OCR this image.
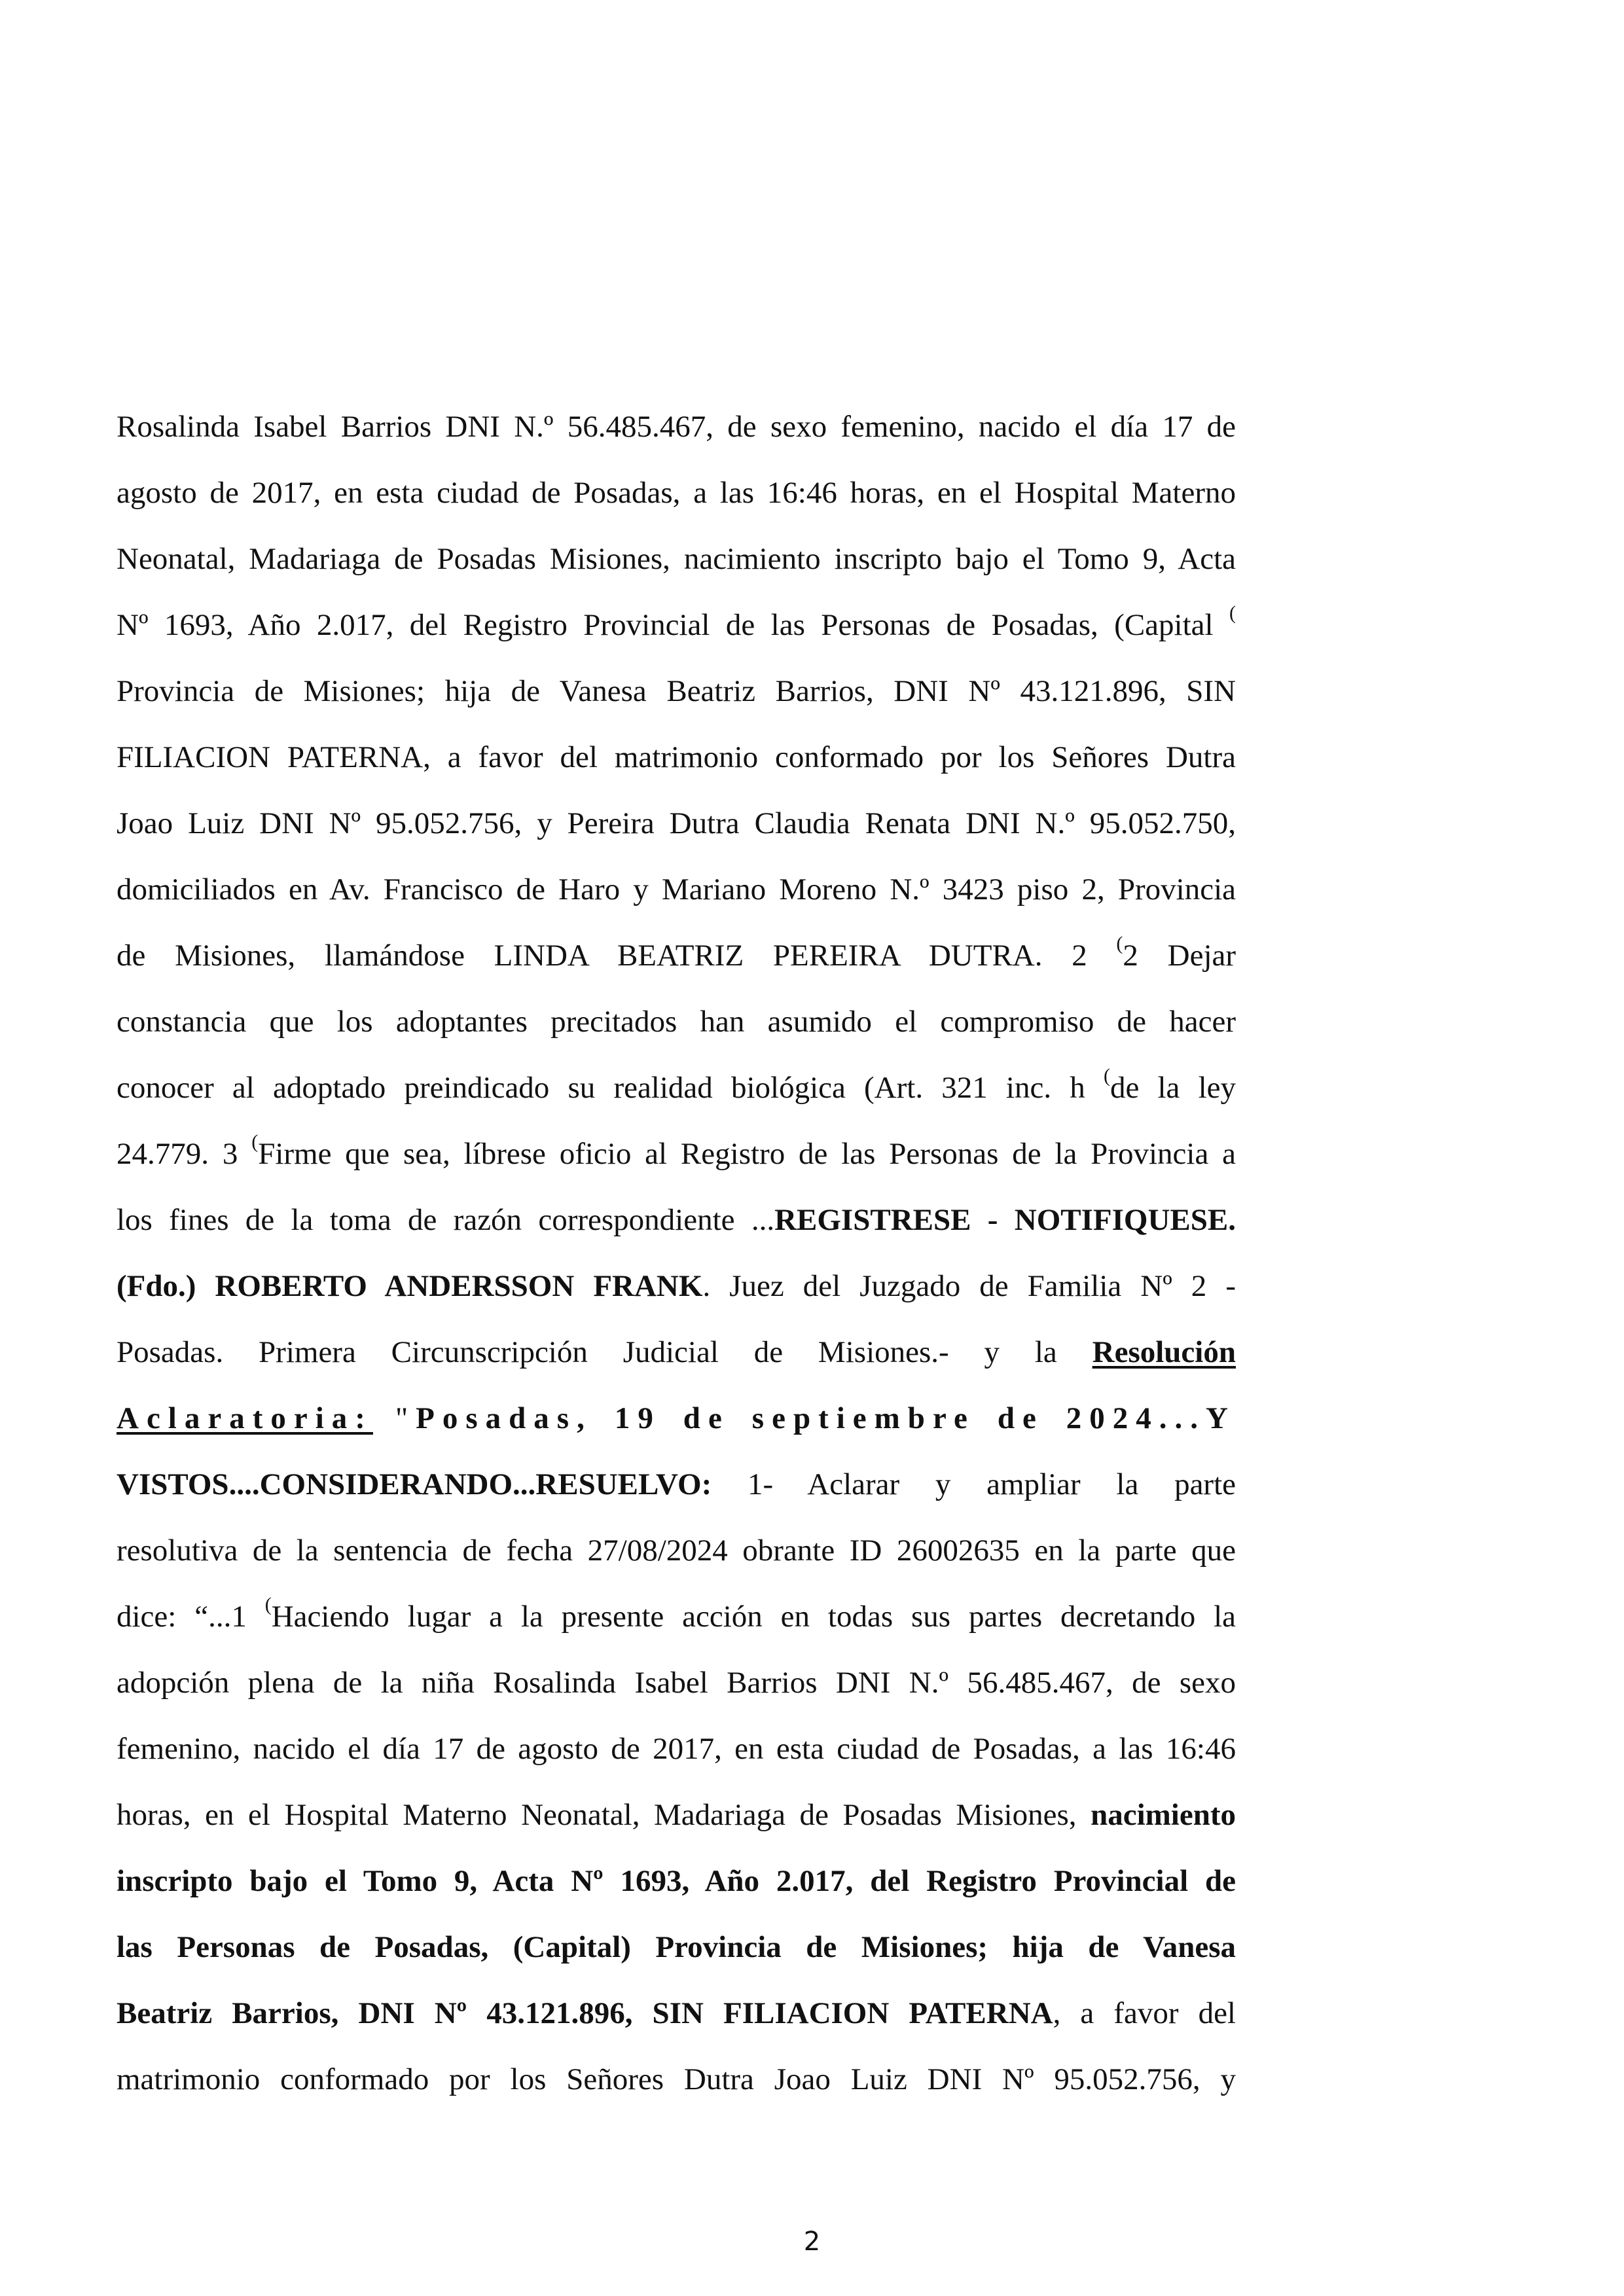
Rosalinda Isabel Barrios DNI N.º 56.485.467, de sexo femenino, nacido el día 17 de
agosto de 2017, en esta ciudad de Posadas, a las 16:46 horas, en el Hospital Materno
Neonatal, Madariaga de Posadas Misiones, nacimiento inscripto bajo el Tomo 9, Acta
Nº 1693, Año 2.017, del Registro Provincial de las Personas de Posadas, (Capital (
Provincia de Misiones; hija de Vanesa Beatriz Barrios, DNI Nº 43.121.896, SIN
FILIACION PATERNA, a favor del matrimonio conformado por los Señores Dutra
Joao Luiz DNI Nº 95.052.756, y Pereira Dutra Claudia Renata DNI N.º 95.052.750,
domiciliados en Av. Francisco de Haro y Mariano Moreno N.º 3423 piso 2, Provincia
de Misiones, llamándose LINDA BEATRIZ PEREIRA DUTRA. 2 (2 Dejar
constancia que los adoptantes precitados han asumido el compromiso de hacer
conocer al adoptado preindicado su realidad biológica (Art. 321 inc. h (de la ley
24.779. 3 (Firme que sea, líbrese oficio al Registro de las Personas de la Provincia a
los fines de la toma de razón correspondiente ...REGISTRESE - NOTIFIQUESE.
(Fdo.) ROBERTO ANDERSSON FRANK. Juez del Juzgado de Familia Nº 2 -
Posadas. Primera Circunscripción Judicial de Misiones.- y la Resolución
Aclaratoria: "Posadas, 19 de septiembre de 2024...Y
VISTOS....CONSIDERANDO...RESUELVO: 1- Aclarar y ampliar la parte
resolutiva de la sentencia de fecha 27/08/2024 obrante ID 26002635 en la parte que
dice: “...1 (Haciendo lugar a la presente acción en todas sus partes decretando la
adopción plena de la niña Rosalinda Isabel Barrios DNI N.º 56.485.467, de sexo
femenino, nacido el día 17 de agosto de 2017, en esta ciudad de Posadas, a las 16:46
horas, en el Hospital Materno Neonatal, Madariaga de Posadas Misiones, nacimiento
inscripto bajo el Tomo 9, Acta Nº 1693, Año 2.017, del Registro Provincial de
las Personas de Posadas, (Capital) Provincia de Misiones; hija de Vanesa
Beatriz Barrios, DNI Nº 43.121.896, SIN FILIACION PATERNA, a favor del
matrimonio conformado por los Señores Dutra Joao Luiz DNI Nº 95.052.756, y
2
